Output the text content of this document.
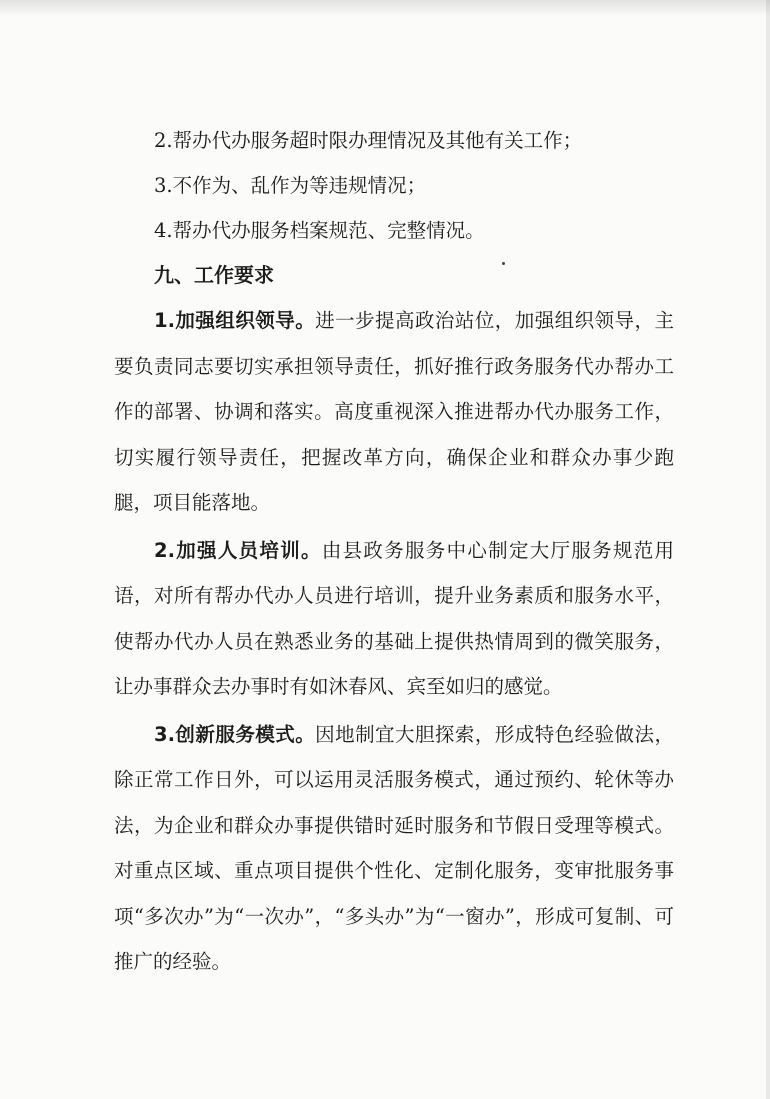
2.帮办代办服务超时限办理情况及其他有关工作；

3.不作为、乱作为等违规情况；

4.帮办代办服务档案规范、完整情况。

九、工作要求

1.加强组织领导。进一步提高政治站位，加强组织领导，主要负责同志要切实承担领导责任，抓好推行政务服务代办帮办工作的部署、协调和落实。高度重视深入推进帮办代办服务工作，切实履行领导责任，把握改革方向，确保企业和群众办事少跑腿，项目能落地。

2.加强人员培训。由县政务服务中心制定大厅服务规范用语，对所有帮办代办人员进行培训，提升业务素质和服务水平，使帮办代办人员在熟悉业务的基础上提供热情周到的微笑服务，让办事群众去办事时有如沐春风、宾至如归的感觉。

3.创新服务模式。因地制宜大胆探索，形成特色经验做法，除正常工作日外，可以运用灵活服务模式，通过预约、轮休等办法，为企业和群众办事提供错时延时服务和节假日受理等模式。对重点区域、重点项目提供个性化、定制化服务，变审批服务事项“多次办”为“一次办”，“多头办”为“一窗办”，形成可复制、可推广的经验。
